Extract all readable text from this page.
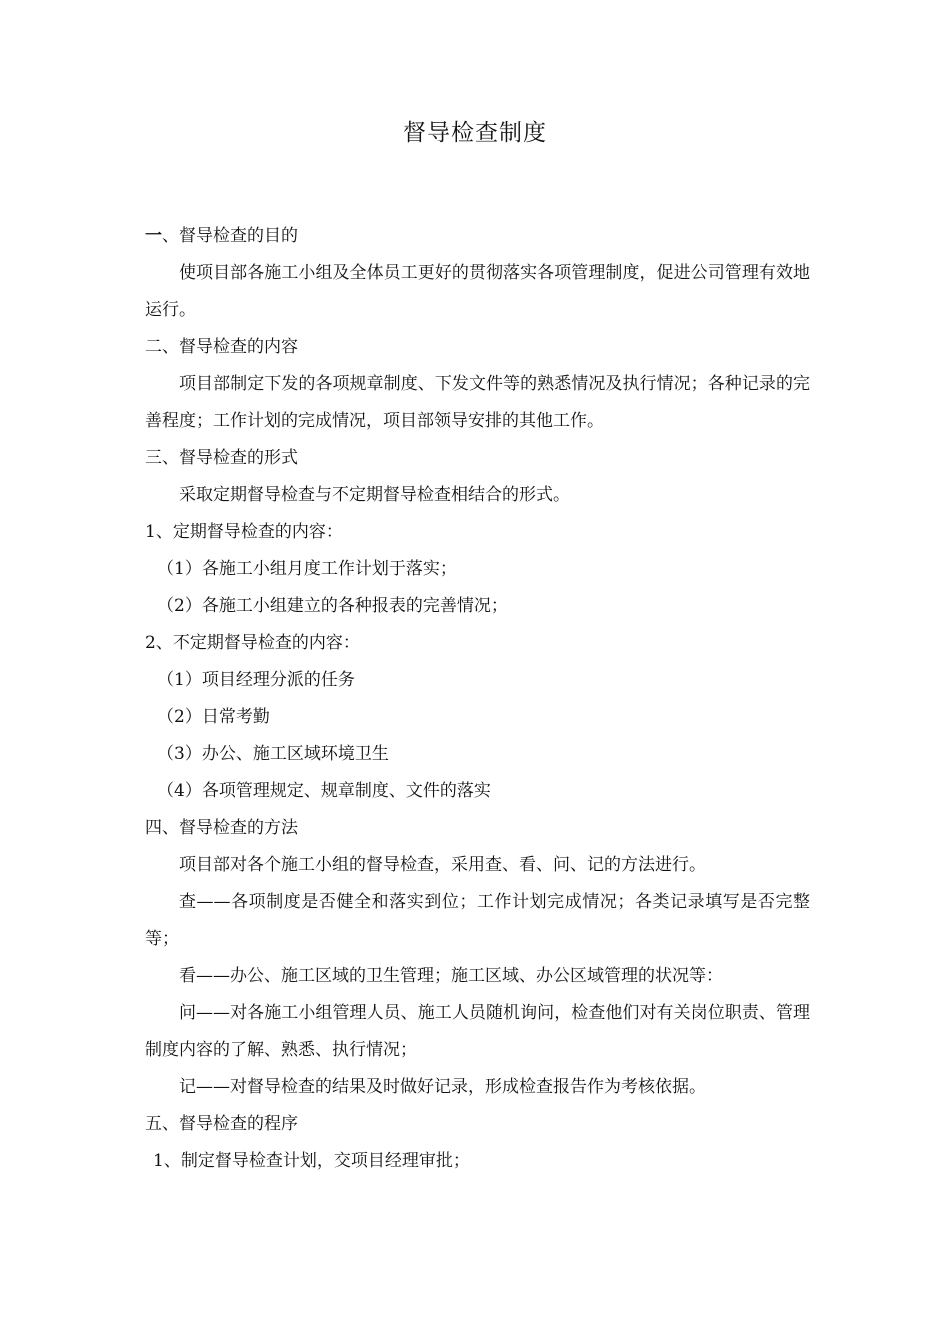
督导检查制度

一、督导检查的目的

使项目部各施工小组及全体员工更好的贯彻落实各项管理制度，促进公司管理有效地运行。

二、督导检查的内容

项目部制定下发的各项规章制度、下发文件等的熟悉情况及执行情况；各种记录的完善程度；工作计划的完成情况，项目部领导安排的其他工作。

三、督导检查的形式

采取定期督导检查与不定期督导检查相结合的形式。

1、定期督导检查的内容：

（1）各施工小组月度工作计划于落实；

（2）各施工小组建立的各种报表的完善情况；

2、不定期督导检查的内容：

（1）项目经理分派的任务

（2）日常考勤

（3）办公、施工区域环境卫生

（4）各项管理规定、规章制度、文件的落实

四、督导检查的方法

项目部对各个施工小组的督导检查，采用查、看、问、记的方法进行。

查——各项制度是否健全和落实到位；工作计划完成情况；各类记录填写是否完整等；

看——办公、施工区域的卫生管理；施工区域、办公区域管理的状况等：

问——对各施工小组管理人员、施工人员随机询问，检查他们对有关岗位职责、管理制度内容的了解、熟悉、执行情况；

记——对督导检查的结果及时做好记录，形成检查报告作为考核依据。

五、督导检查的程序

1、制定督导检查计划，交项目经理审批；
